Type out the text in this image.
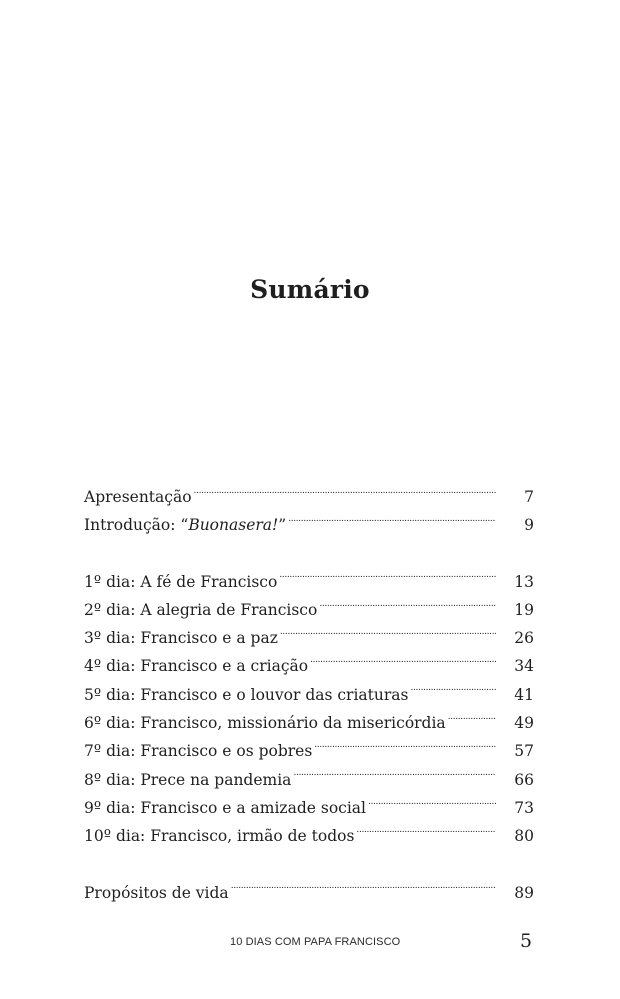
Sumário
Apresentação . . .	7
Introdução: “Buonasera!” . . .	9
1º dia: A fé de Francisco . . .	13
2º dia: A alegria de Francisco . . .	19
3º dia: Francisco e a paz . . .	26
4º dia: Francisco e a criação . . .	34
5º dia: Francisco e o louvor das criaturas . . .	41
6º dia: Francisco, missionário da misericórdia . . .	49
7º dia: Francisco e os pobres . . .	57
8º dia: Prece na pandemia . . .	66
9º dia: Francisco e a amizade social . . .	73
10º dia: Francisco, irmão de todos . . .	80
Propósitos de vida . . .	89
10 DIAS COM PAPA FRANCISCO	5
